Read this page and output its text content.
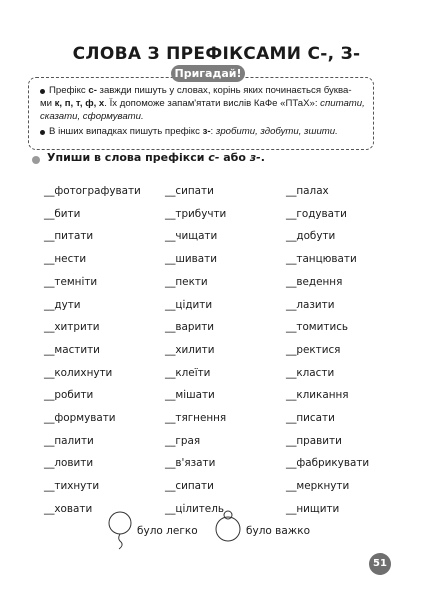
СЛОВА З ПРЕФІКСАМИ С-, З-
Пригадай!
Префікс с- завжди пишуть у словах, корінь яких починається буква-
ми к, п, т, ф, х. Їх допоможе запам'ятати вислів КаФе «ПТаХ»: спитати,
сказати, сформувати.
В інших випадках пишуть префікс з-: зробити, здобути, зшити.
Упиши в слова префікси с- або з-.
__фотографувати
__бити
__питати
__нести
__темніти
__дути
__хитрити
__мастити
__колихнути
__робити
__формувати
__палити
__ловити
__тихнути
__ховати
__сипати
__трибучти
__чищати
__шивати
__пекти
__цідити
__варити
__хилити
__клеїти
__мішати
__тягнення
__грая
__в'язати
__сипати
__цілитель
__палах
__годувати
__добути
__танцювати
__ведення
__лазити
__томитись
__ректися
__класти
__кликання
__писати
__правити
__фабрикувати
__меркнути
__нищити
було легко	було важко
51
